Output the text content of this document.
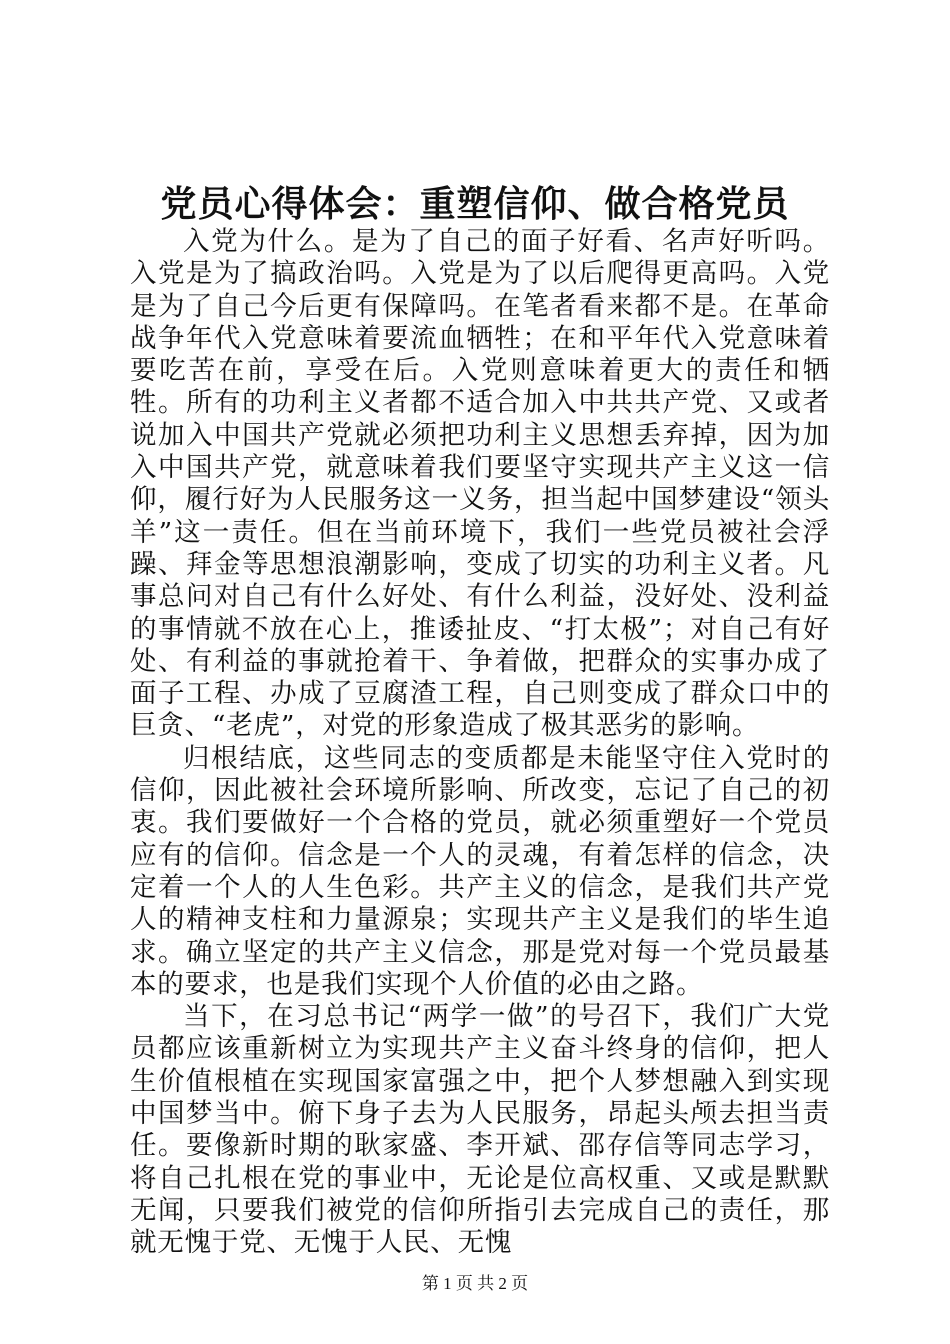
党员心得体会：重塑信仰、做合格党员

入党为什么。是为了自己的面子好看、名声好听吗。入党是为了搞政治吗。入党是为了以后爬得更高吗。入党是为了自己今后更有保障吗。在笔者看来都不是。在革命战争年代入党意味着要流血牺牲；在和平年代入党意味着要吃苦在前，享受在后。入党则意味着更大的责任和牺牲。所有的功利主义者都不适合加入中共共产党、又或者说加入中国共产党就必须把功利主义思想丢弃掉，因为加入中国共产党，就意味着我们要坚守实现共产主义这一信仰，履行好为人民服务这一义务，担当起中国梦建设“领头羊”这一责任。但在当前环境下，我们一些党员被社会浮躁、拜金等思想浪潮影响，变成了切实的功利主义者。凡事总问对自己有什么好处、有什么利益，没好处、没利益的事情就不放在心上，推诿扯皮、“打太极”；对自己有好处、有利益的事就抢着干、争着做，把群众的实事办成了面子工程、办成了豆腐渣工程，自己则变成了群众口中的巨贪、“老虎”，对党的形象造成了极其恶劣的影响。

归根结底，这些同志的变质都是未能坚守住入党时的信仰，因此被社会环境所影响、所改变，忘记了自己的初衷。我们要做好一个合格的党员，就必须重塑好一个党员应有的信仰。信念是一个人的灵魂，有着怎样的信念，决定着一个人的人生色彩。共产主义的信念，是我们共产党人的精神支柱和力量源泉；实现共产主义是我们的毕生追求。确立坚定的共产主义信念，那是党对每一个党员最基本的要求，也是我们实现个人价值的必由之路。

当下，在习总书记“两学一做”的号召下，我们广大党员都应该重新树立为实现共产主义奋斗终身的信仰，把人生价值根植在实现国家富强之中，把个人梦想融入到实现中国梦当中。俯下身子去为人民服务，昂起头颅去担当责任。要像新时期的耿家盛、李开斌、邵存信等同志学习，将自己扎根在党的事业中，无论是位高权重、又或是默默无闻，只要我们被党的信仰所指引去完成自己的责任，那就无愧于党、无愧于人民、无愧

第 1 页 共 2 页
